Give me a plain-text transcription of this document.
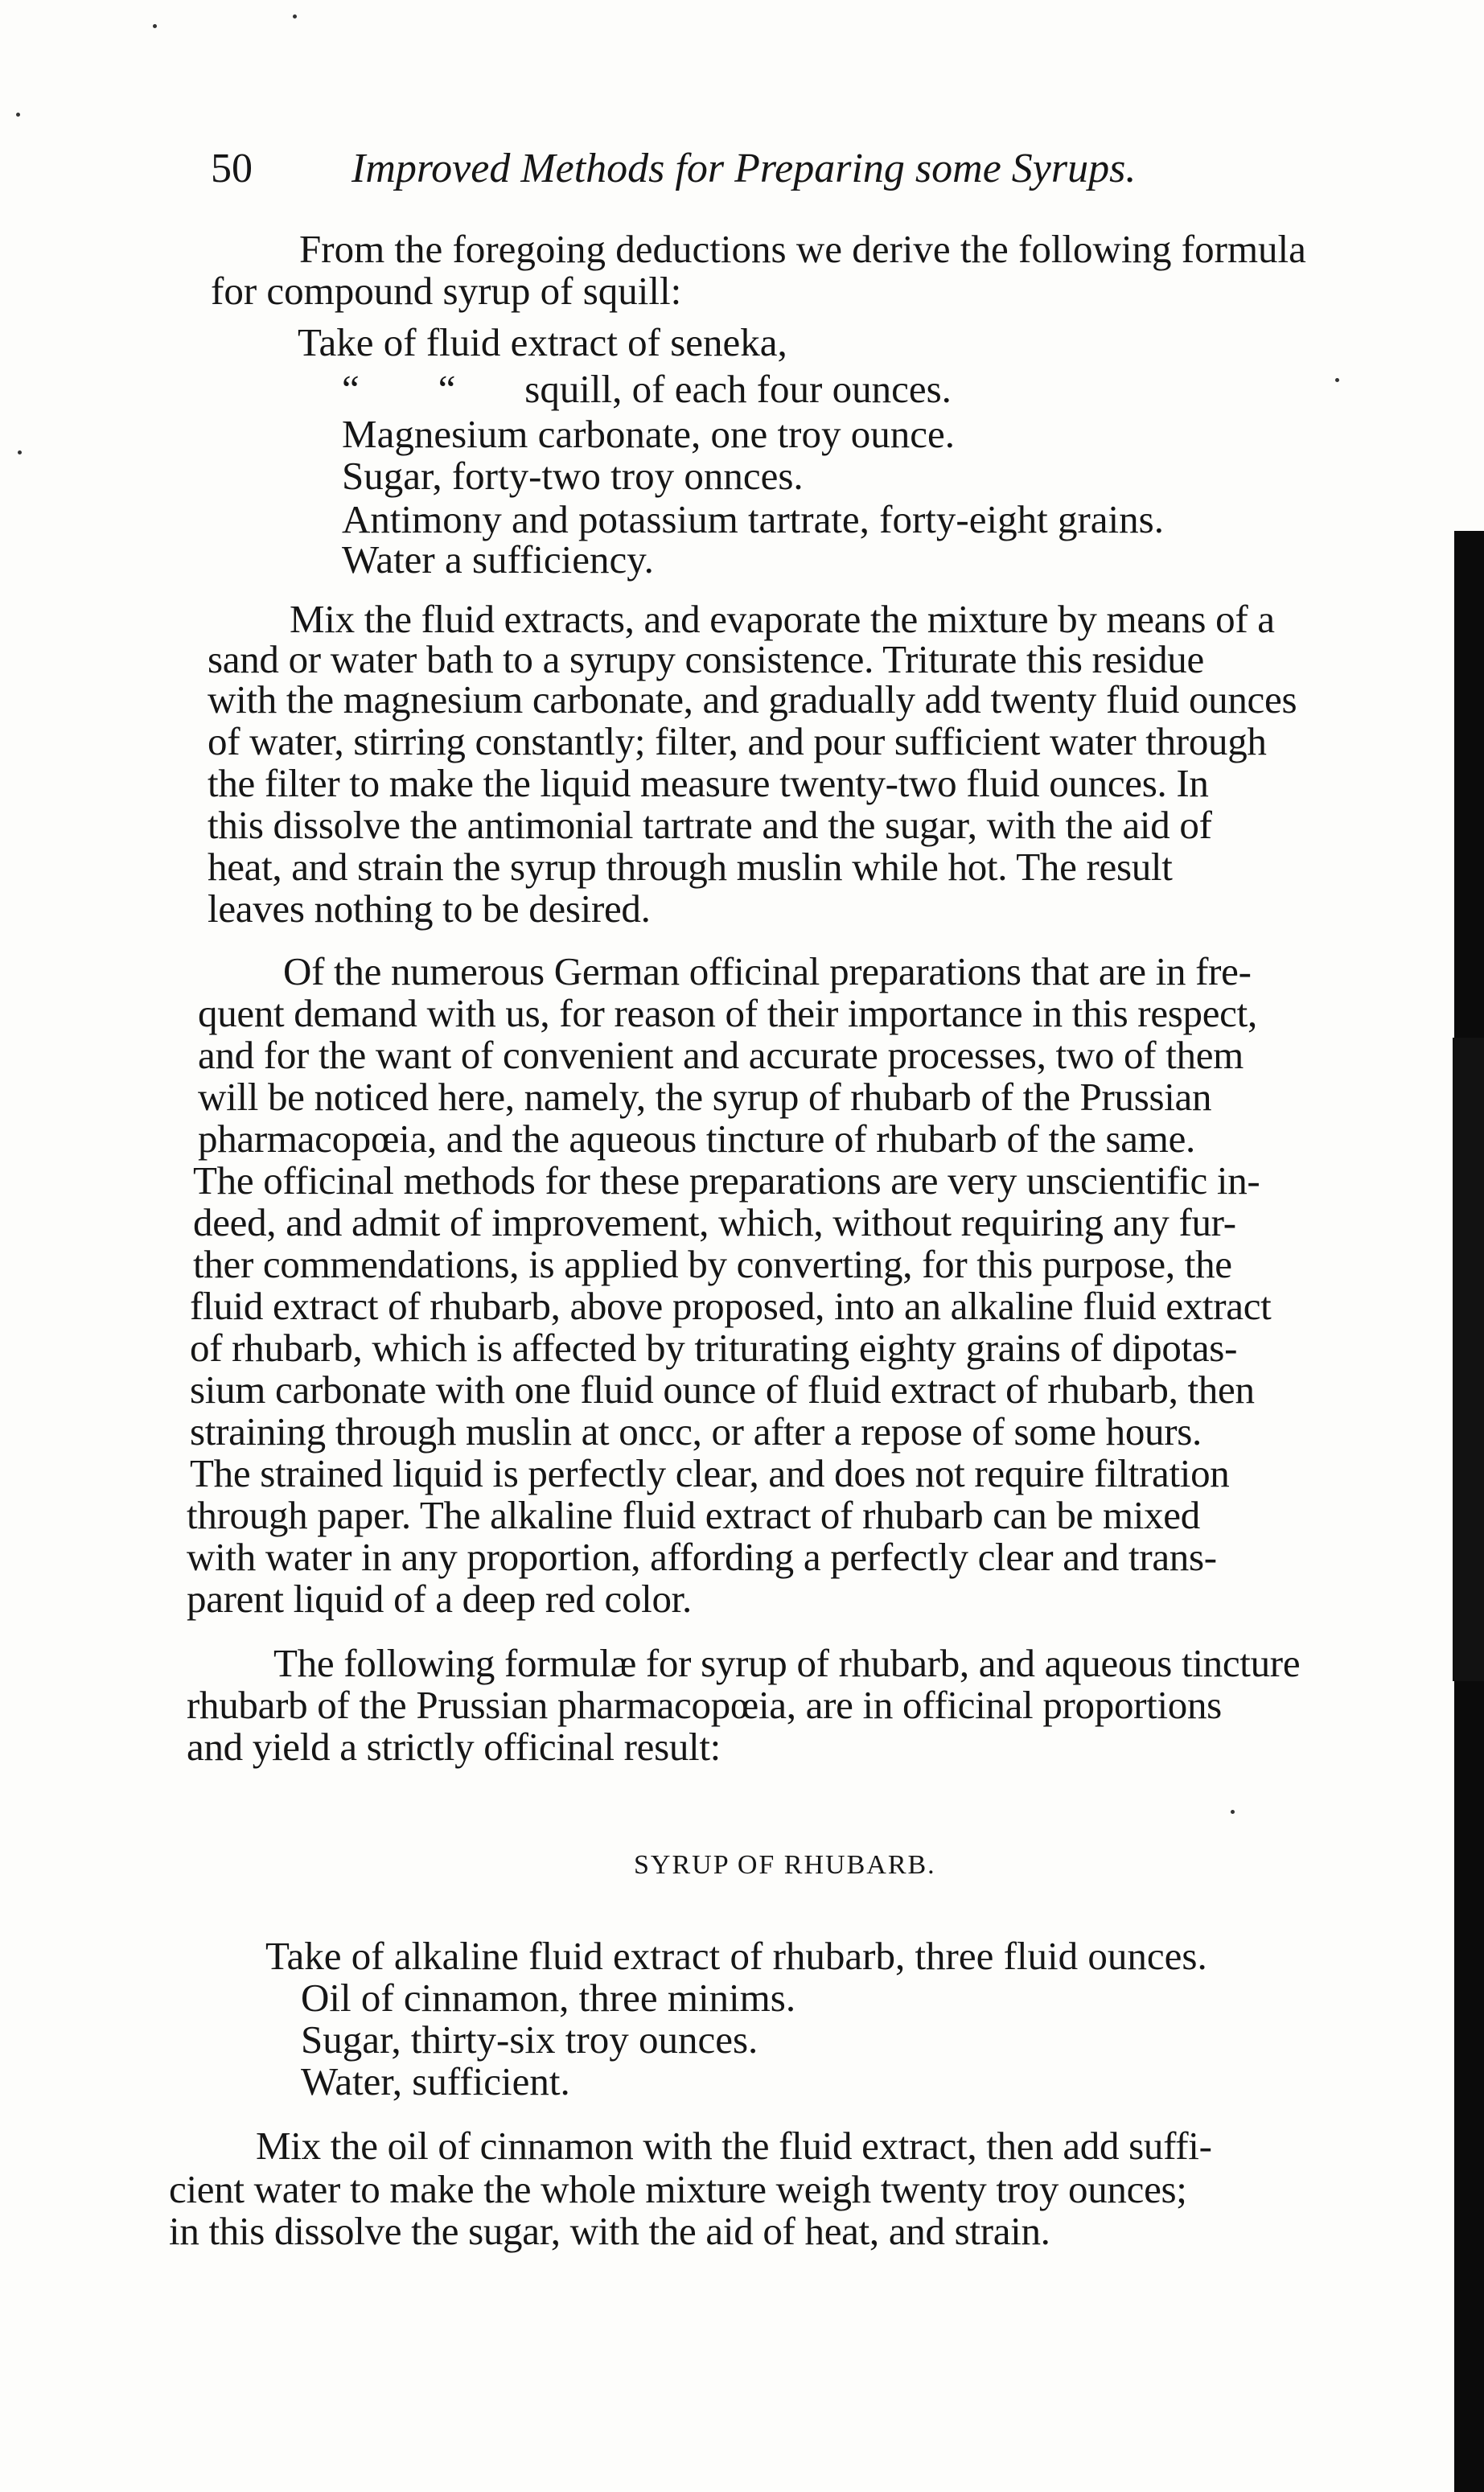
50 Improved Methods for Preparing some Syrups.
From the foregoing deductions we derive the following formula
for compound syrup of squill:
Take of fluid extract of seneka,
“        “       squill, of each four ounces.
Magnesium carbonate, one troy ounce.
Sugar, forty-two troy onnces.
Antimony and potassium tartrate, forty-eight grains.
Water a sufficiency.
Mix the fluid extracts, and evaporate the mixture by means of a
sand or water bath to a syrupy consistence. Triturate this residue
with the magnesium carbonate, and gradually add twenty fluid ounces
of water, stirring constantly; filter, and pour sufficient water through
the filter to make the liquid measure twenty-two fluid ounces. In
this dissolve the antimonial tartrate and the sugar, with the aid of
heat, and strain the syrup through muslin while hot. The result
leaves nothing to be desired.
Of the numerous German officinal preparations that are in fre-
quent demand with us, for reason of their importance in this respect,
and for the want of convenient and accurate processes, two of them
will be noticed here, namely, the syrup of rhubarb of the Prussian
pharmacopœia, and the aqueous tincture of rhubarb of the same.
The officinal methods for these preparations are very unscientific in-
deed, and admit of improvement, which, without requiring any fur-
ther commendations, is applied by converting, for this purpose, the
fluid extract of rhubarb, above proposed, into an alkaline fluid extract
of rhubarb, which is affected by triturating eighty grains of dipotas-
sium carbonate with one fluid ounce of fluid extract of rhubarb, then
straining through muslin at oncc, or after a repose of some hours.
The strained liquid is perfectly clear, and does not require filtration
through paper. The alkaline fluid extract of rhubarb can be mixed
with water in any proportion, affording a perfectly clear and trans-
parent liquid of a deep red color.
The following formulæ for syrup of rhubarb, and aqueous tincture
rhubarb of the Prussian pharmacopœia, are in officinal proportions
and yield a strictly officinal result:
SYRUP OF RHUBARB.
Take of alkaline fluid extract of rhubarb, three fluid ounces.
Oil of cinnamon, three minims.
Sugar, thirty-six troy ounces.
Water, sufficient.
Mix the oil of cinnamon with the fluid extract, then add suffi-
cient water to make the whole mixture weigh twenty troy ounces;
in this dissolve the sugar, with the aid of heat, and strain.
